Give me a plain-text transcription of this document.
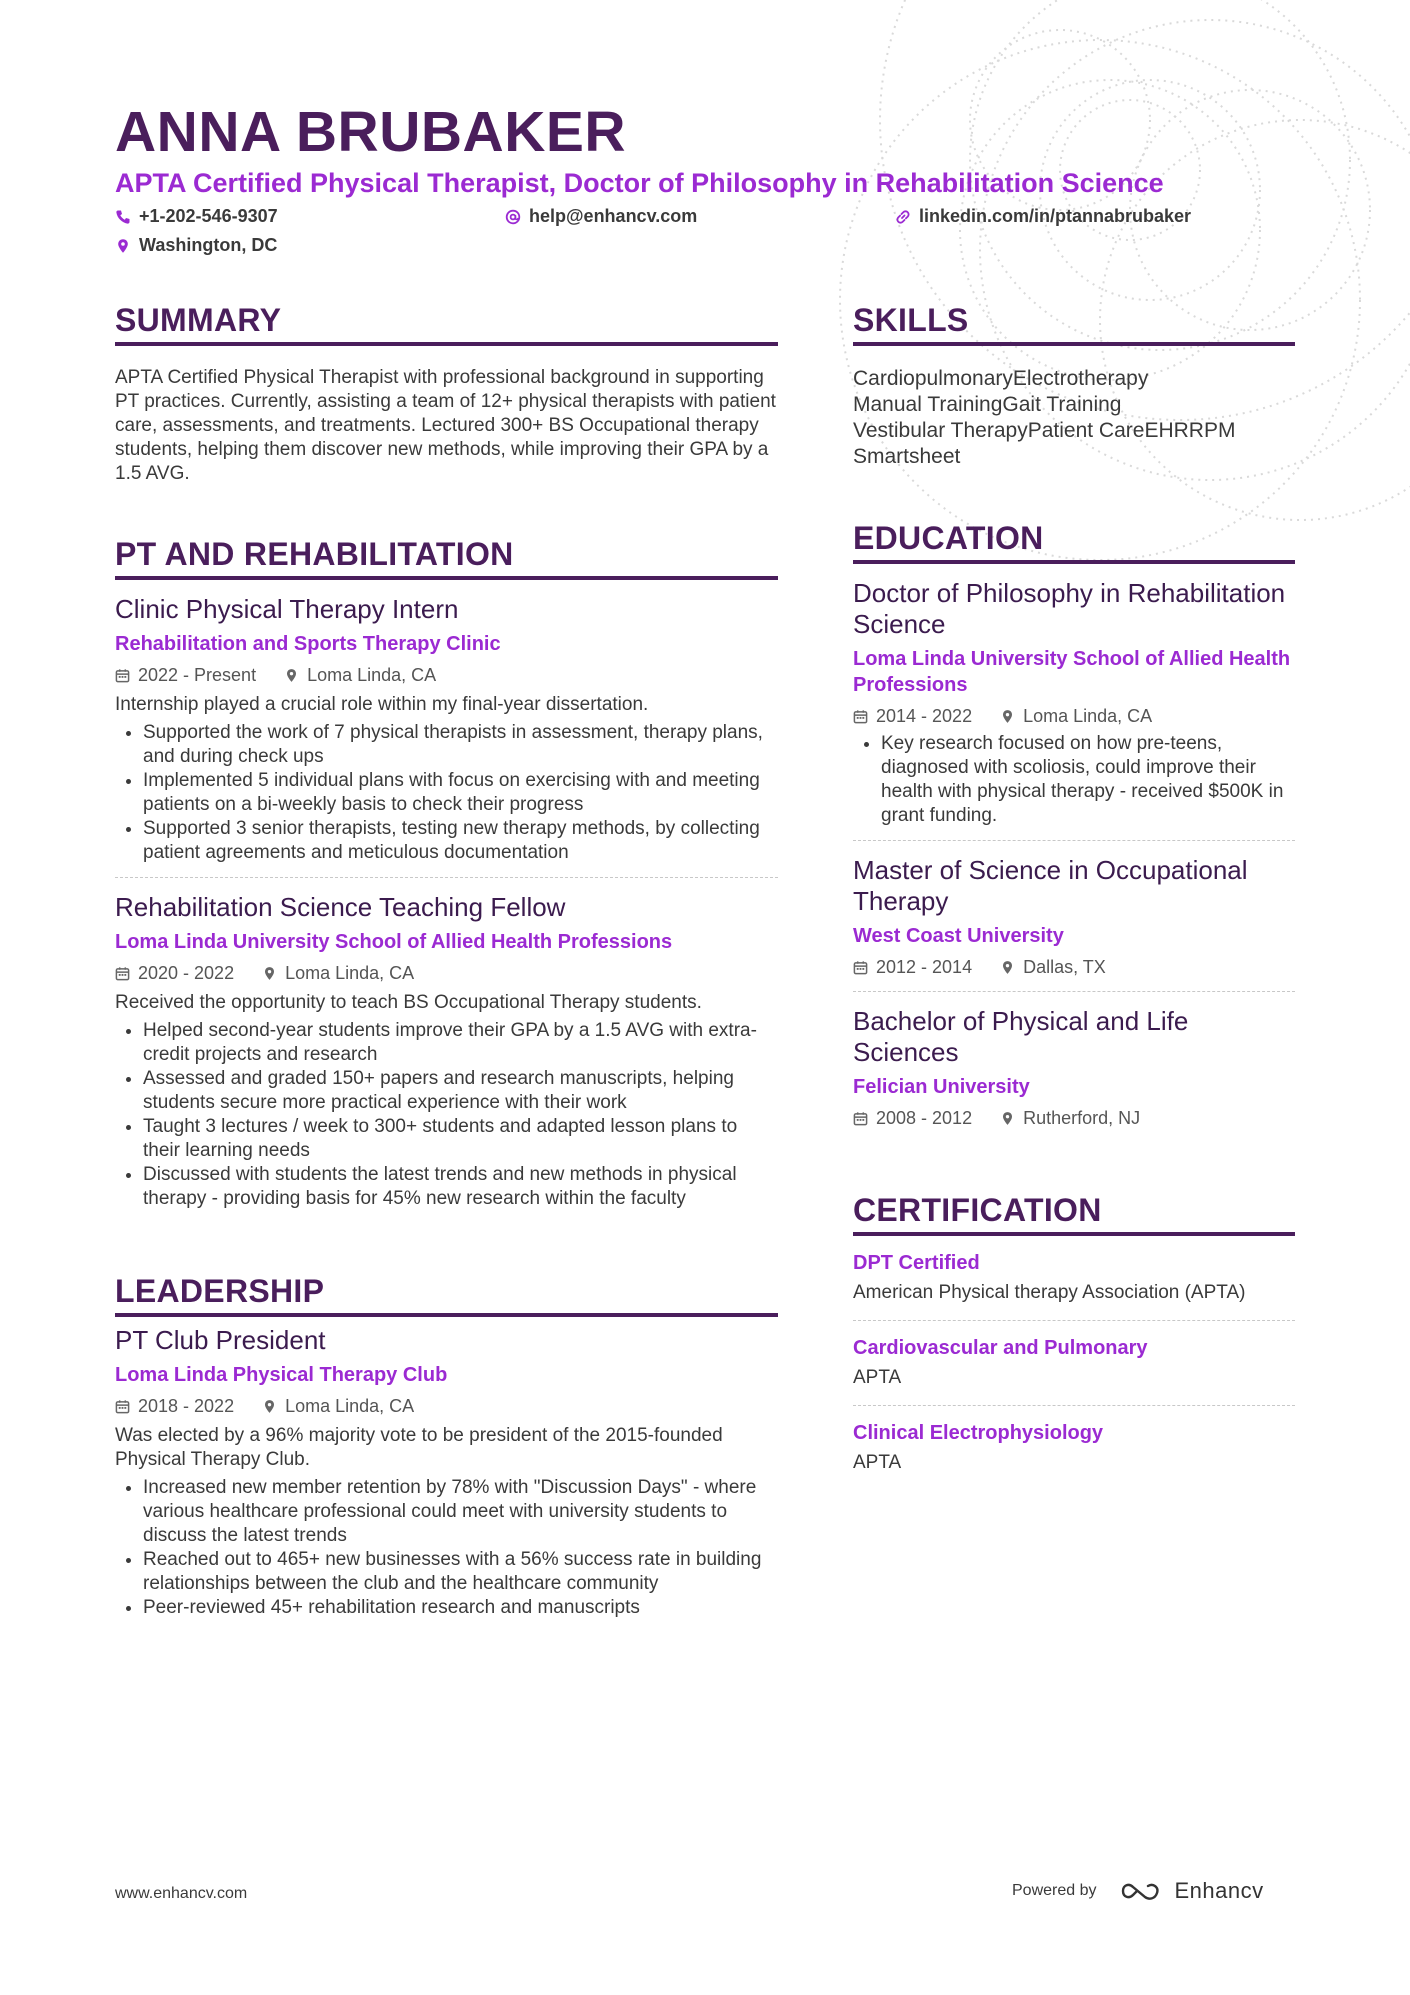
ANNA BRUBAKER
APTA Certified Physical Therapist, Doctor of Philosophy in Rehabilitation Science
+1-202-546-9307	help@enhancv.com	linkedin.com/in/ptannabrubaker
Washington, DC
SUMMARY
APTA Certified Physical Therapist with professional background in supporting PT practices. Currently, assisting a team of 12+ physical therapists with patient care, assessments, and treatments. Lectured 300+ BS Occupational therapy students, helping them discover new methods, while improving their GPA by a 1.5 AVG.
PT AND REHABILITATION
Clinic Physical Therapy Intern
Rehabilitation and Sports Therapy Clinic
2022 - Present	Loma Linda, CA
Internship played a crucial role within my final-year dissertation.
• Supported the work of 7 physical therapists in assessment, therapy plans, and during check ups
• Implemented 5 individual plans with focus on exercising with and meeting patients on a bi-weekly basis to check their progress
• Supported 3 senior therapists, testing new therapy methods, by collecting patient agreements and meticulous documentation
Rehabilitation Science Teaching Fellow
Loma Linda University School of Allied Health Professions
2020 - 2022	Loma Linda, CA
Received the opportunity to teach BS Occupational Therapy students.
• Helped second-year students improve their GPA by a 1.5 AVG with extra-credit projects and research
• Assessed and graded 150+ papers and research manuscripts, helping students secure more practical experience with their work
• Taught 3 lectures / week to 300+ students and adapted lesson plans to their learning needs
• Discussed with students the latest trends and new methods in physical therapy - providing basis for 45% new research within the faculty
LEADERSHIP
PT Club President
Loma Linda Physical Therapy Club
2018 - 2022	Loma Linda, CA
Was elected by a 96% majority vote to be president of the 2015-founded Physical Therapy Club.
• Increased new member retention by 78% with "Discussion Days" - where various healthcare professional could meet with university students to discuss the latest trends
• Reached out to 465+ new businesses with a 56% success rate in building relationships between the club and the healthcare community
• Peer-reviewed 45+ rehabilitation research and manuscripts
SKILLS
CardiopulmonaryElectrotherapy
Manual TrainingGait Training
Vestibular TherapyPatient CareEHRRPM
Smartsheet
EDUCATION
Doctor of Philosophy in Rehabilitation Science
Loma Linda University School of Allied Health Professions
2014 - 2022	Loma Linda, CA
• Key research focused on how pre-teens, diagnosed with scoliosis, could improve their health with physical therapy - received $500K in grant funding.
Master of Science in Occupational Therapy
West Coast University
2012 - 2014	Dallas, TX
Bachelor of Physical and Life Sciences
Felician University
2008 - 2012	Rutherford, NJ
CERTIFICATION
DPT Certified
American Physical therapy Association (APTA)
Cardiovascular and Pulmonary
APTA
Clinical Electrophysiology
APTA
www.enhancv.com	Powered by	Enhancv
